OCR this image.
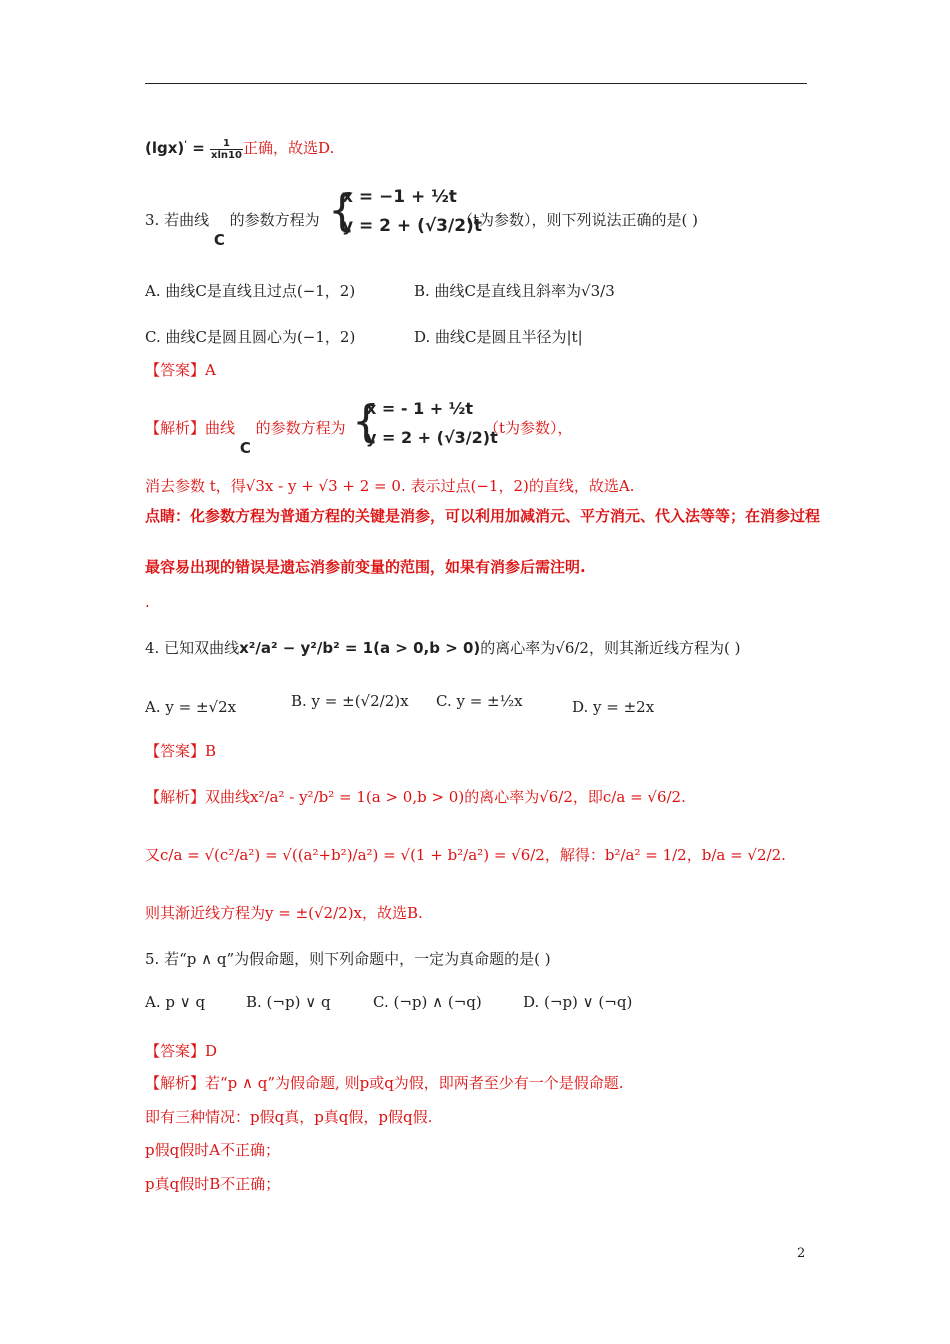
$(\lg x)' = \frac{1}{xln10}$ 正确，故选D.
3. 若曲线 C 的参数方程为 {
x = −1 + ½t
y = 2 + (√3/2)t
（t为参数），则下列说法正确的是( )
A. 曲线C是直线且过点(−1，2)	B. 曲线C是直线且斜率为√3/3
C. 曲线C是圆且圆心为(−1，2)	D. 曲线C是圆且半径为|t|
【答案】A
【解析】曲线 C 的参数方程为 {
x = - 1 + ½t
y = 2 + (√3/2)t
（t为参数），
消去参数 t，得√3x - y + √3 + 2 = 0. 表示过点(−1，2)的直线，故选A.
点睛：化参数方程为普通方程的关键是消参，可以利用加减消元、平方消元、代入法等等；在消参过程
最容易出现的错误是遗忘消参前变量的范围，如果有消参后需注明.
.
4. 已知双曲线x²/a² − y²/b² = 1(a > 0,b > 0)的离心率为√6/2，则其渐近线方程为( )
A. y = ±√2x	B. y = ±(√2/2)x C. y = ±½x	D. y = ±2x
【答案】B
【解析】双曲线x²/a² - y²/b² = 1(a > 0,b > 0)的离心率为√6/2，即c/a = √6/2.
又c/a = √(c²/a²) = √((a²+b²)/a²) = √(1 + b²/a²) = √6/2，解得：b²/a² = 1/2，b/a = √2/2.
则其渐近线方程为y = ±(√2/2)x，故选B.
5. 若“p ∧ q”为假命题，则下列命题中，一定为真命题的是( )
A. p ∨ q	B. (¬p) ∨ q	C. (¬p) ∧ (¬q)	D. (¬p) ∨ (¬q)
【答案】D
【解析】若“p ∧ q”为假命题, 则p或q为假，即两者至少有一个是假命题.
即有三种情况：p假q真，p真q假，p假q假.
p假q假时A不正确；
p真q假时B不正确；
2
